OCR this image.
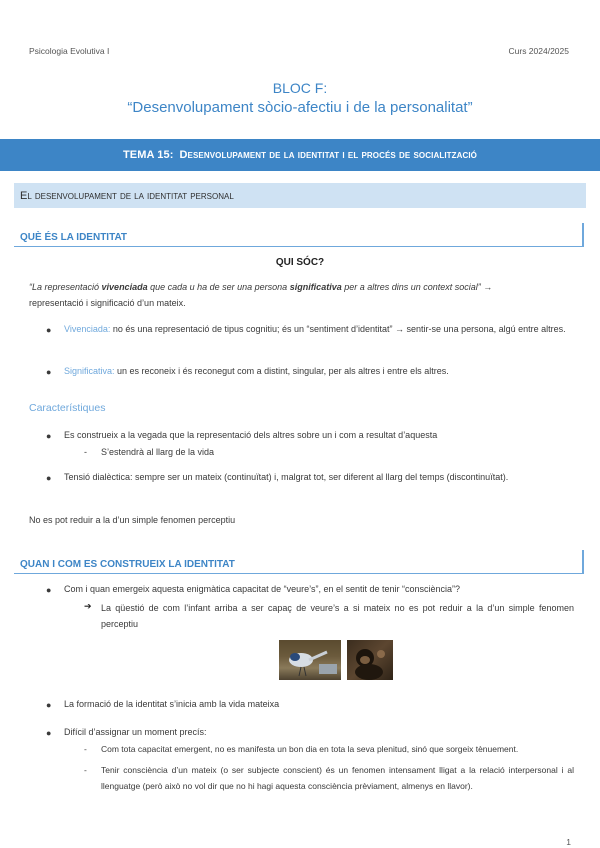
Psicologia Evolutiva I	Curs 2024/2025
BLOC F:
“Desenvolupament sòcio-afectiu i de la personalitat”
TEMA 15: Desenvolupament de la identitat i el procés de socialització
El desenvolupament de la identitat personal
QUÈ ÉS LA IDENTITAT
QUI SÓC?
“La representació vivenciada que cada u ha de ser una persona significativa per a altres dins un context social” →
representació i significació d’un mateix.
● Vivenciada: no és una representació de tipus cognitiu; és un “sentiment d’identitat” → sentir-se una persona, algú entre altres.
● Significativa: un es reconeix i és reconegut com a distint, singular, per als altres i entre els altres.
Característiques
● Es construeix a la vegada que la representació dels altres sobre un i com a resultat d’aquesta
- S’estendrà al llarg de la vida
● Tensió dialèctica: sempre ser un mateix (continuïtat) i, malgrat tot, ser diferent al llarg del temps (discontinuïtat).
No es pot reduir a la d’un simple fenomen perceptiu
QUAN I COM ES CONSTRUEIX LA IDENTITAT
● Com i quan emergeix aquesta enigmàtica capacitat de “veure’s”, en el sentit de tenir “consciència”?
➔ La qüestió de com l’infant arriba a ser capaç de veure’s a si mateix no es pot reduir a la d’un simple fenomen perceptiu
● La formació de la identitat s’inicia amb la vida mateixa
● Difícil d’assignar un moment precís:
- Com tota capacitat emergent, no es manifesta un bon dia en tota la seva plenitud, sinó que sorgeix tènuement.
- Tenir consciència d’un mateix (o ser subjecte conscient) és un fenomen intensament lligat a la relació interpersonal i al llenguatge (però això no vol dir que no hi hagi aquesta consciència prèviament, almenys en llavor).
1
